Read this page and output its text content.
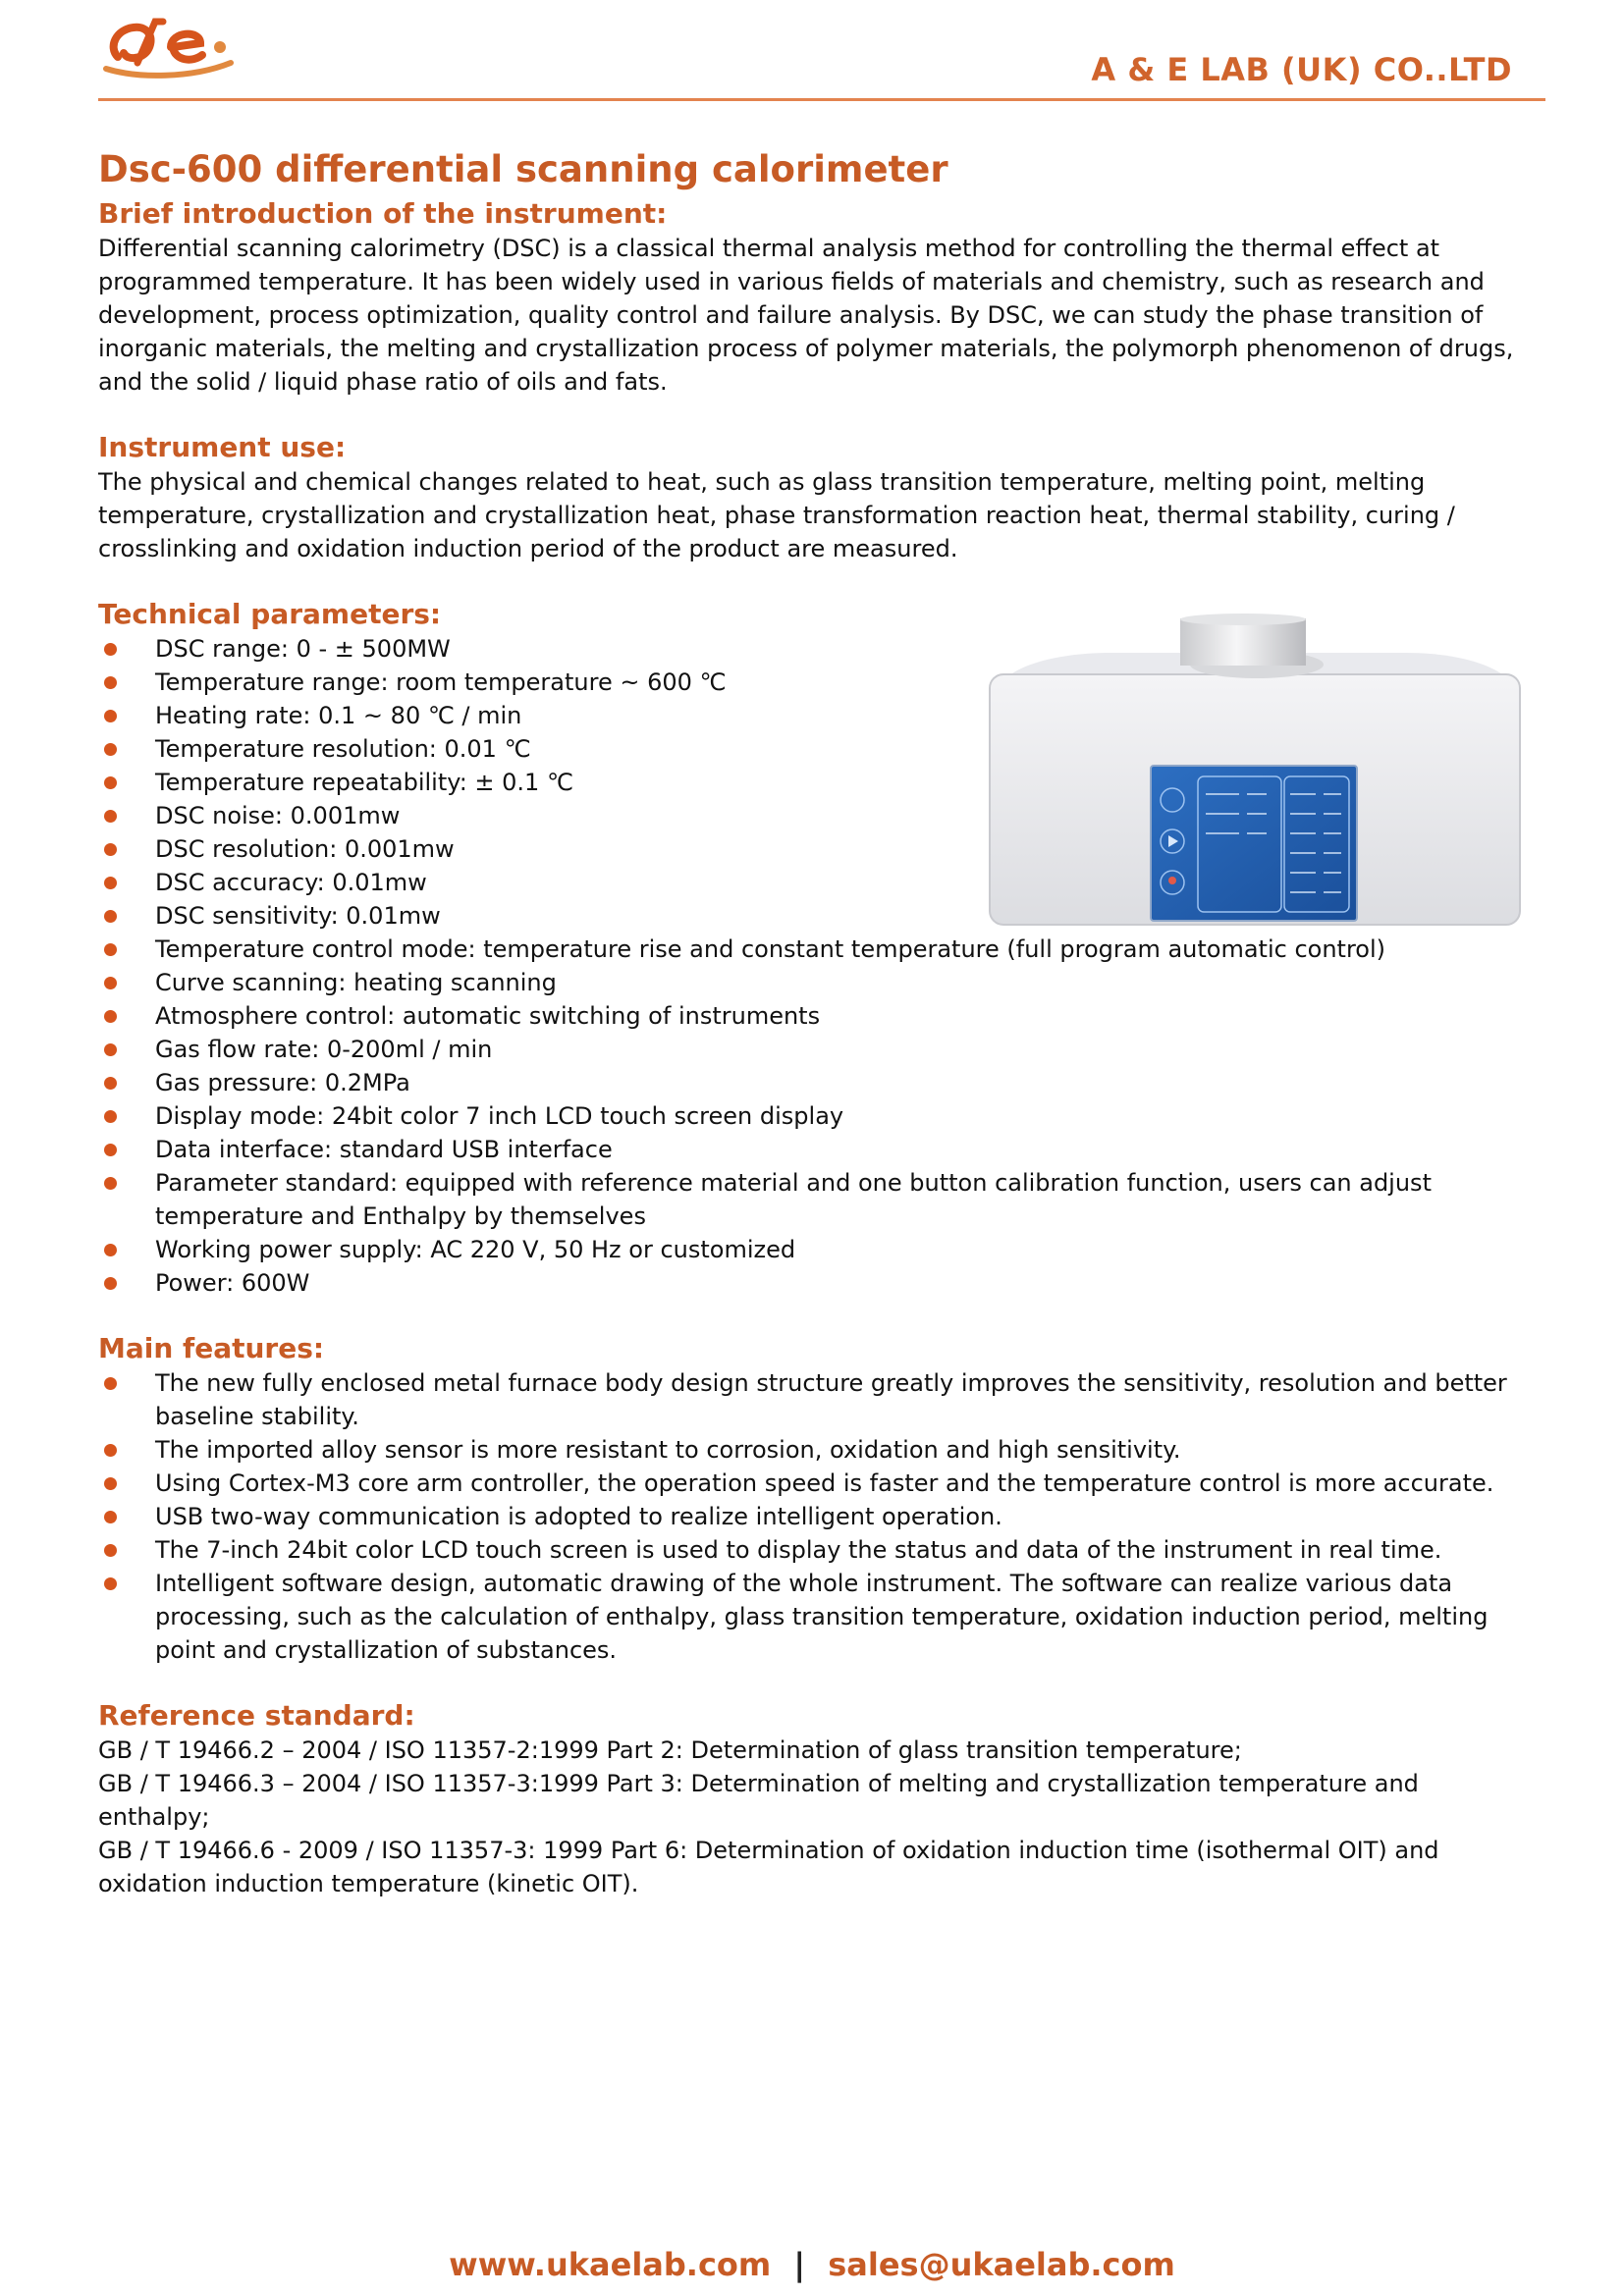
A & E LAB (UK) CO..LTD
Dsc-600 differential scanning calorimeter
Brief introduction of the instrument:

Differential scanning calorimetry (DSC) is a classical thermal analysis method for controlling the thermal effect at programmed temperature. It has been widely used in various fields of materials and chemistry, such as research and development, process optimization, quality control and failure analysis. By DSC, we can study the phase transition of inorganic materials, the melting and crystallization process of polymer materials, the polymorph phenomenon of drugs, and the solid / liquid phase ratio of oils and fats.

Instrument use:

The physical and chemical changes related to heat, such as glass transition temperature, melting point, melting temperature, crystallization and crystallization heat, phase transformation reaction heat, thermal stability, curing / crosslinking and oxidation induction period of the product are measured.

Technical parameters:
DSC range: 0 - ± 500MW
Temperature range: room temperature ~ 600 ℃
Heating rate: 0.1 ~ 80 ℃ / min
Temperature resolution: 0.01 ℃
Temperature repeatability: ± 0.1 ℃
DSC noise: 0.001mw
DSC resolution: 0.001mw
DSC accuracy: 0.01mw
DSC sensitivity: 0.01mw
Temperature control mode: temperature rise and constant temperature (full program automatic control)
Curve scanning: heating scanning
Atmosphere control: automatic switching of instruments
Gas flow rate: 0-200ml / min
Gas pressure: 0.2MPa
Display mode: 24bit color 7 inch LCD touch screen display
Data interface: standard USB interface
Parameter standard: equipped with reference material and one button calibration function, users can adjust temperature and Enthalpy by themselves
Working power supply: AC 220 V, 50 Hz or customized
Power: 600W
Main features:
The new fully enclosed metal furnace body design structure greatly improves the sensitivity, resolution and better baseline stability.
The imported alloy sensor is more resistant to corrosion, oxidation and high sensitivity.
Using Cortex-M3 core arm controller, the operation speed is faster and the temperature control is more accurate.
USB two-way communication is adopted to realize intelligent operation.
The 7-inch 24bit color LCD touch screen is used to display the status and data of the instrument in real time.
Intelligent software design, automatic drawing of the whole instrument. The software can realize various data processing, such as the calculation of enthalpy, glass transition temperature, oxidation induction period, melting point and crystallization of substances.
Reference standard:

GB / T 19466.2 – 2004 / ISO 11357-2:1999 Part 2: Determination of glass transition temperature;

GB / T 19466.3 – 2004 / ISO 11357-3:1999 Part 3: Determination of melting and crystallization temperature and enthalpy;

GB / T 19466.6 - 2009 / ISO 11357-3: 1999 Part 6: Determination of oxidation induction time (isothermal OIT) and oxidation induction temperature (kinetic OIT).

www.ukaelab.com | sales@ukaelab.com
